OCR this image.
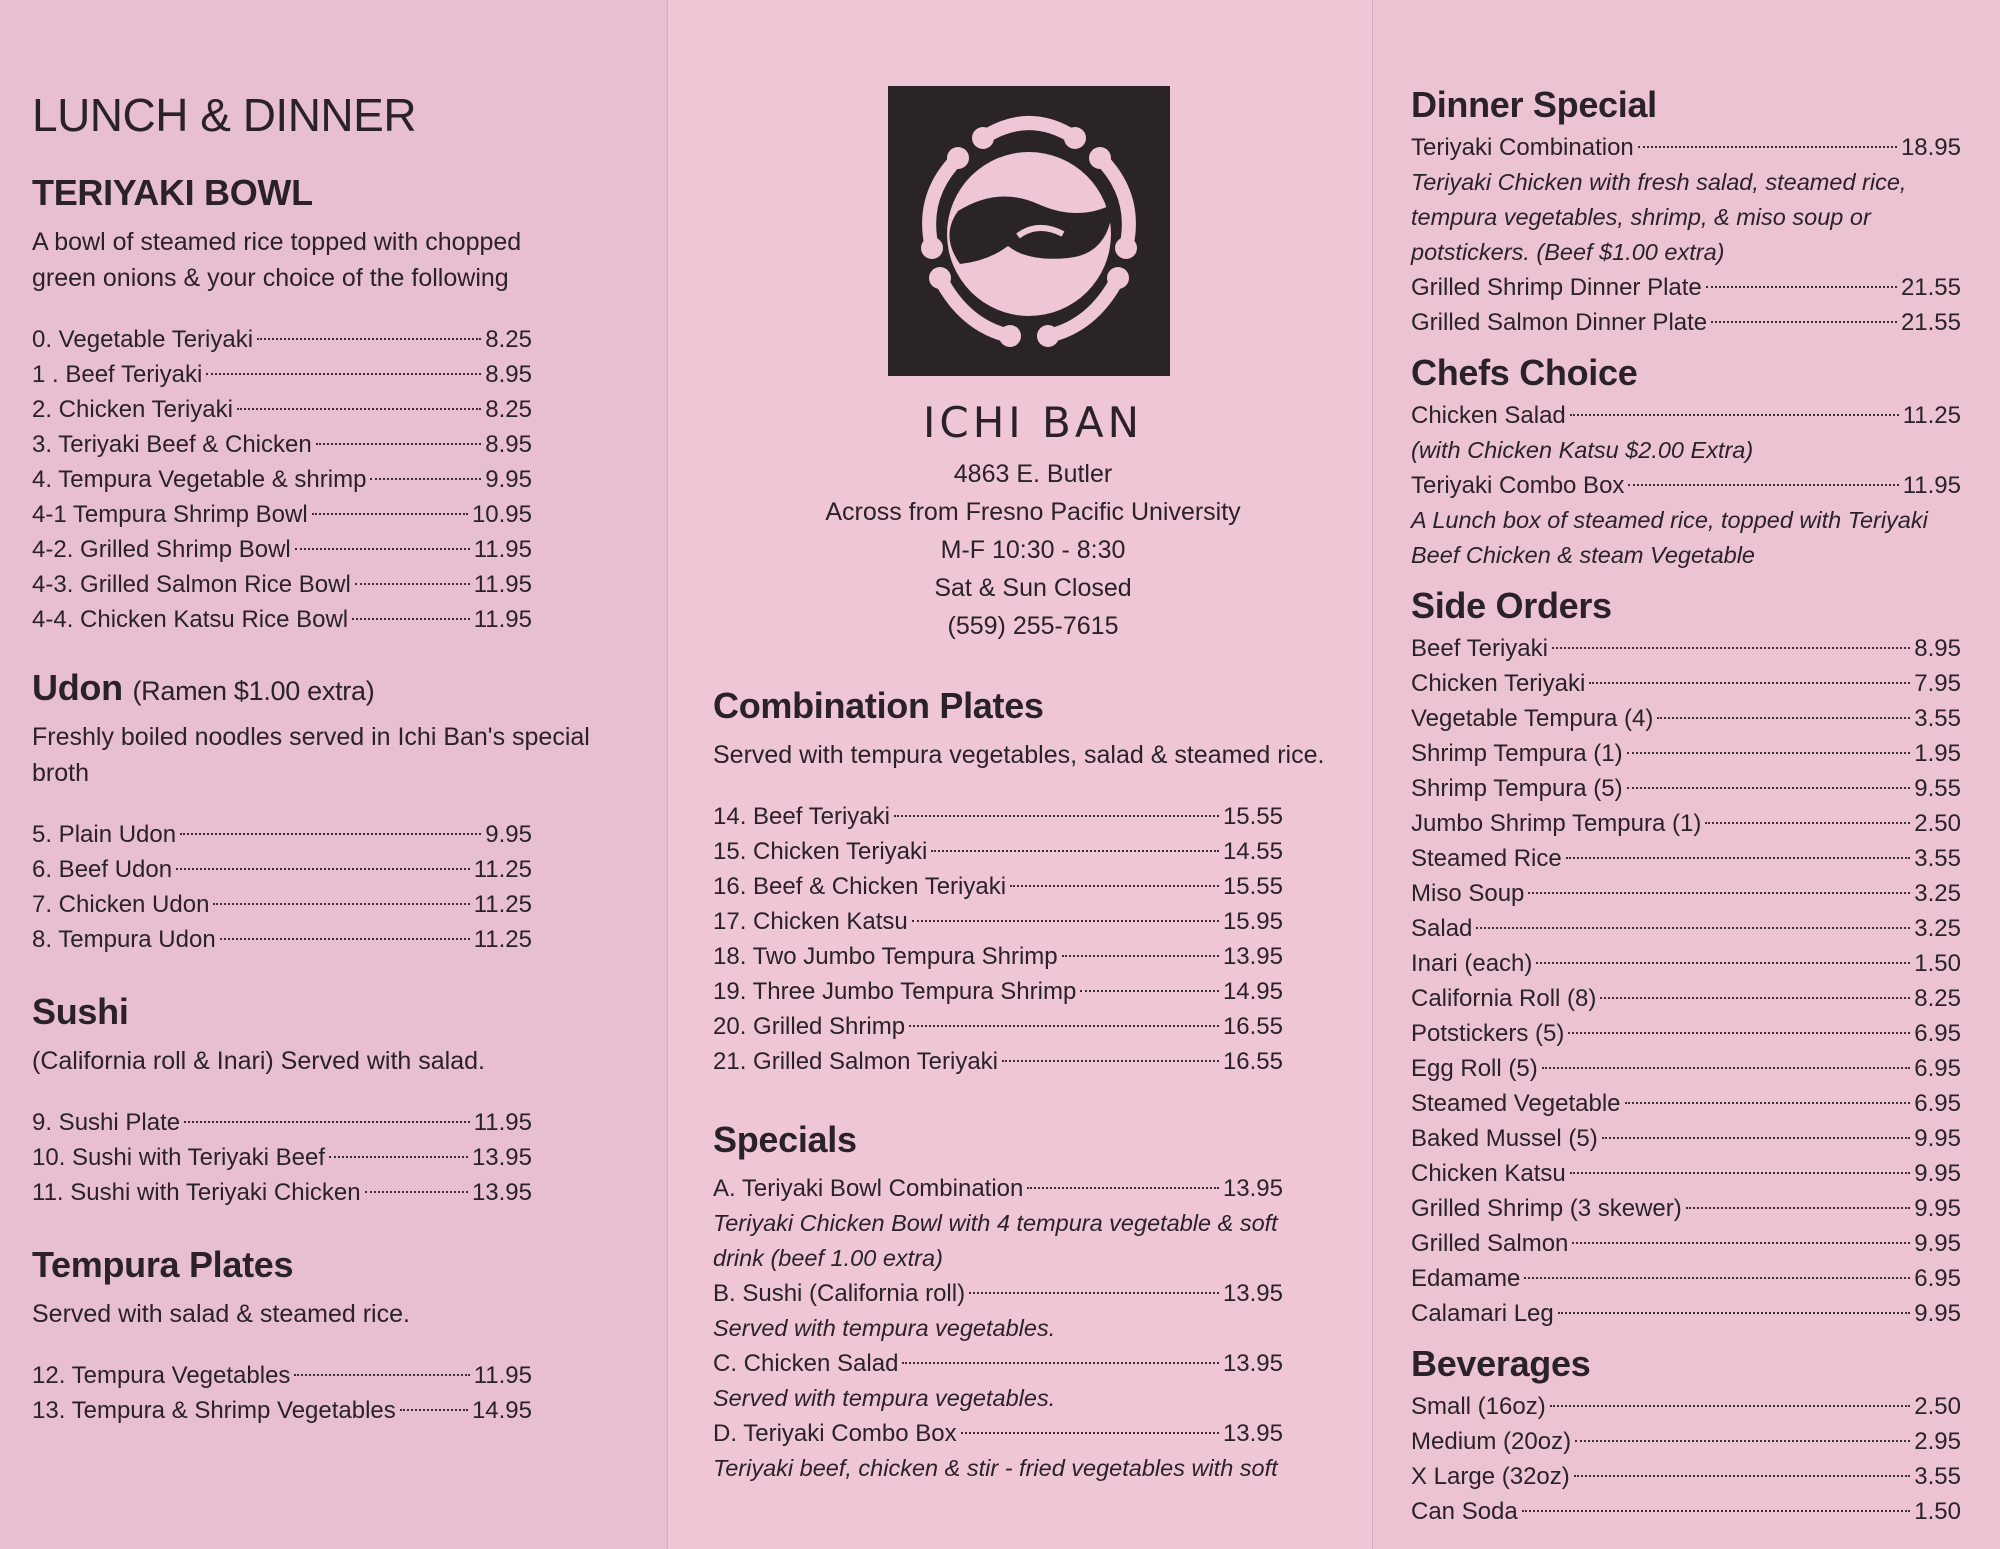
LUNCH & DINNER
TERIYAKI BOWL

A bowl of steamed rice topped with chopped green onions & your choice of the following

0. Vegetable Teriyaki	8.25
1 . Beef Teriyaki	8.95
2. Chicken Teriyaki	8.25
3. Teriyaki Beef & Chicken	8.95
4. Tempura Vegetable & shrimp	9.95
4-1 Tempura Shrimp Bowl	10.95
4-2. Grilled Shrimp Bowl	11.95
4-3. Grilled Salmon Rice Bowl	11.95
4-4. Chicken Katsu Rice Bowl	11.95
Udon (Ramen $1.00 extra)

Freshly boiled noodles served in Ichi Ban's special broth

5. Plain Udon	9.95
6. Beef Udon	11.25
7. Chicken Udon	11.25
8. Tempura Udon	11.25
Sushi

(California roll & Inari) Served with salad.

9. Sushi Plate	11.95
10. Sushi with Teriyaki Beef	13.95
11. Sushi with Teriyaki Chicken	13.95
Tempura Plates

Served with salad & steamed rice.

12. Tempura Vegetables	11.95
13. Tempura & Shrimp Vegetables	14.95
ICHI BAN
4863 E. Butler
Across from Fresno Pacific University
M-F 10:30 - 8:30
Sat & Sun Closed
(559) 255-7615
Combination Plates

Served with tempura vegetables, salad & steamed rice.

14. Beef Teriyaki	15.55
15. Chicken Teriyaki	14.55
16. Beef & Chicken Teriyaki	15.55
17. Chicken Katsu	15.95
18. Two Jumbo Tempura Shrimp	13.95
19. Three Jumbo Tempura Shrimp	14.95
20. Grilled Shrimp	16.55
21. Grilled Salmon Teriyaki	16.55
Specials
A. Teriyaki Bowl Combination	13.95

Teriyaki Chicken Bowl with 4 tempura vegetable & soft drink (beef 1.00 extra)

B. Sushi (California roll)	13.95

Served with tempura vegetables.

C. Chicken Salad	13.95

Served with tempura vegetables.

D. Teriyaki Combo Box	13.95

Teriyaki beef, chicken & stir - fried vegetables with soft

Dinner Special
Teriyaki Combination	18.95

Teriyaki Chicken with fresh salad, steamed rice, tempura vegetables, shrimp, & miso soup or potstickers. (Beef $1.00 extra)

Grilled Shrimp Dinner Plate	21.55
Grilled Salmon Dinner Plate	21.55
Chefs Choice
Chicken Salad	11.25

(with Chicken Katsu $2.00 Extra)

Teriyaki Combo Box	11.95

A Lunch box of steamed rice, topped with Teriyaki Beef Chicken & steam Vegetable

Side Orders
Beef Teriyaki	8.95
Chicken Teriyaki	7.95
Vegetable Tempura (4)	3.55
Shrimp Tempura (1)	1.95
Shrimp Tempura (5)	9.55
Jumbo Shrimp Tempura (1)	2.50
Steamed Rice	3.55
Miso Soup	3.25
Salad	3.25
Inari (each)	1.50
California Roll (8)	8.25
Potstickers (5)	6.95
Egg Roll (5)	6.95
Steamed Vegetable	6.95
Baked Mussel (5)	9.95
Chicken Katsu	9.95
Grilled Shrimp (3 skewer)	9.95
Grilled Salmon	9.95
Edamame	6.95
Calamari Leg	9.95
Beverages
Small (16oz)	2.50
Medium (20oz)	2.95
X Large (32oz)	3.55
Can Soda	1.50
